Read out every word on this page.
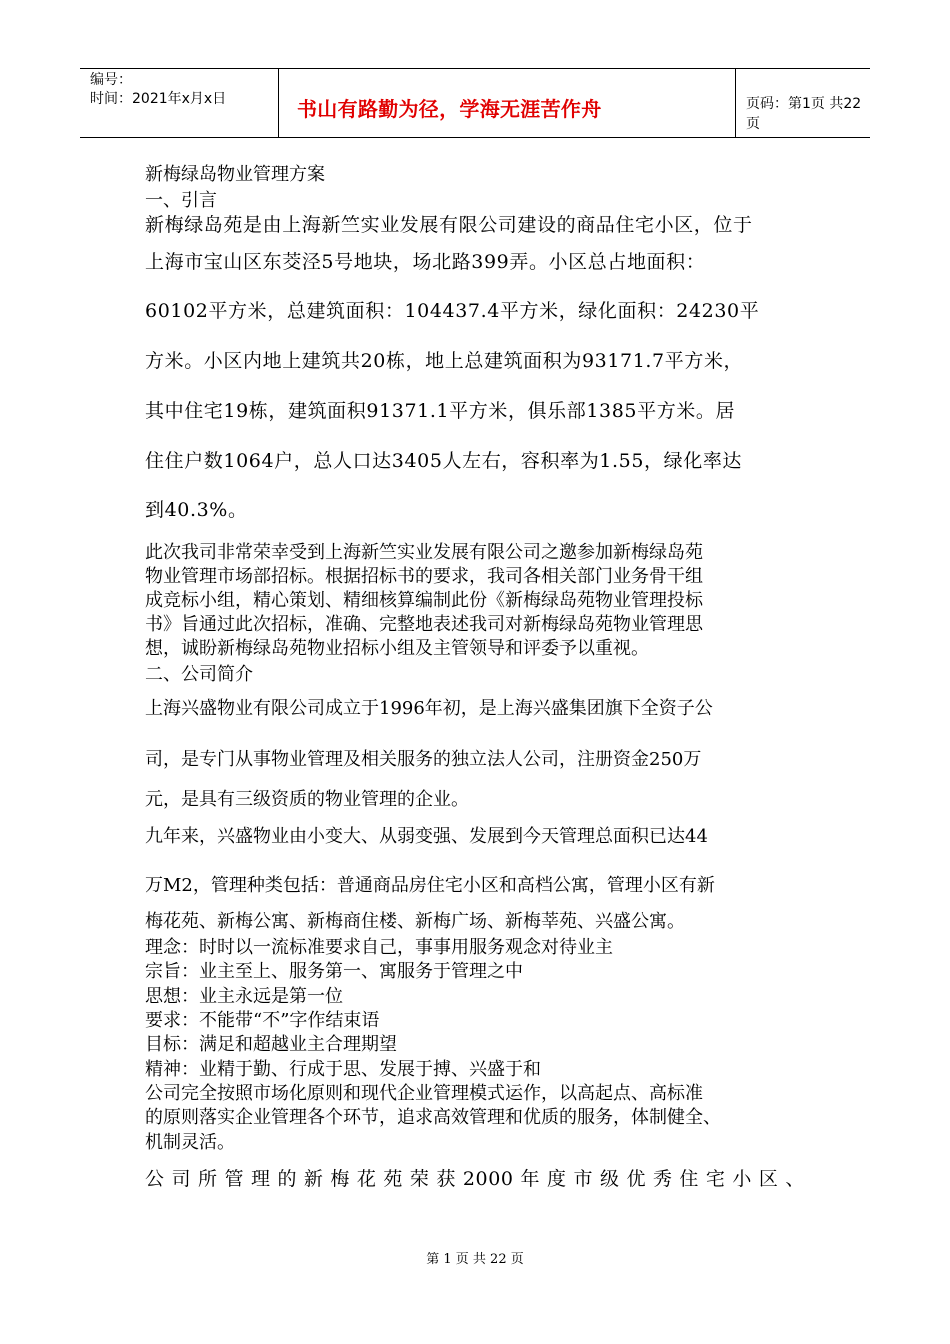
编号：
时间：2021年x月x日	书山有路勤为径，学海无涯苦作舟	页码：第1页 共22页
新梅绿岛物业管理方案
一、引言
新梅绿岛苑是由上海新竺实业发展有限公司建设的商品住宅小区，位于
上海市宝山区东茭泾5号地块，场北路399弄。小区总占地面积：
60102平方米，总建筑面积：104437.4平方米，绿化面积：24230平
方米。小区内地上建筑共20栋，地上总建筑面积为93171.7平方米，
其中住宅19栋，建筑面积91371.1平方米，俱乐部1385平方米。居
住住户数1064户，总人口达3405人左右，容积率为1.55，绿化率达
到40.3%。
此次我司非常荣幸受到上海新竺实业发展有限公司之邀参加新梅绿岛苑
物业管理市场部招标。根据招标书的要求，我司各相关部门业务骨干组
成竞标小组，精心策划、精细核算编制此份《新梅绿岛苑物业管理投标
书》旨通过此次招标，准确、完整地表述我司对新梅绿岛苑物业管理思
想，诚盼新梅绿岛苑物业招标小组及主管领导和评委予以重视。
二、公司简介
上海兴盛物业有限公司成立于1996年初，是上海兴盛集团旗下全资子公
司，是专门从事物业管理及相关服务的独立法人公司，注册资金250万
元，是具有三级资质的物业管理的企业。
九年来，兴盛物业由小变大、从弱变强、发展到今天管理总面积已达44
万M2，管理种类包括：普通商品房住宅小区和高档公寓，管理小区有新
梅花苑、新梅公寓、新梅商住楼、新梅广场、新梅莘苑、兴盛公寓。
理念：时时以一流标准要求自己，事事用服务观念对待业主
宗旨：业主至上、服务第一、寓服务于管理之中
思想：业主永远是第一位
要求：不能带“不”字作结束语
目标：满足和超越业主合理期望
精神：业精于勤、行成于思、发展于搏、兴盛于和
公司完全按照市场化原则和现代企业管理模式运作，以高起点、高标准
的原则落实企业管理各个环节，追求高效管理和优质的服务，体制健全、
机制灵活。
公司所管理的新梅花苑荣获2000年度市级优秀住宅小区、
第 1 页 共 22 页
